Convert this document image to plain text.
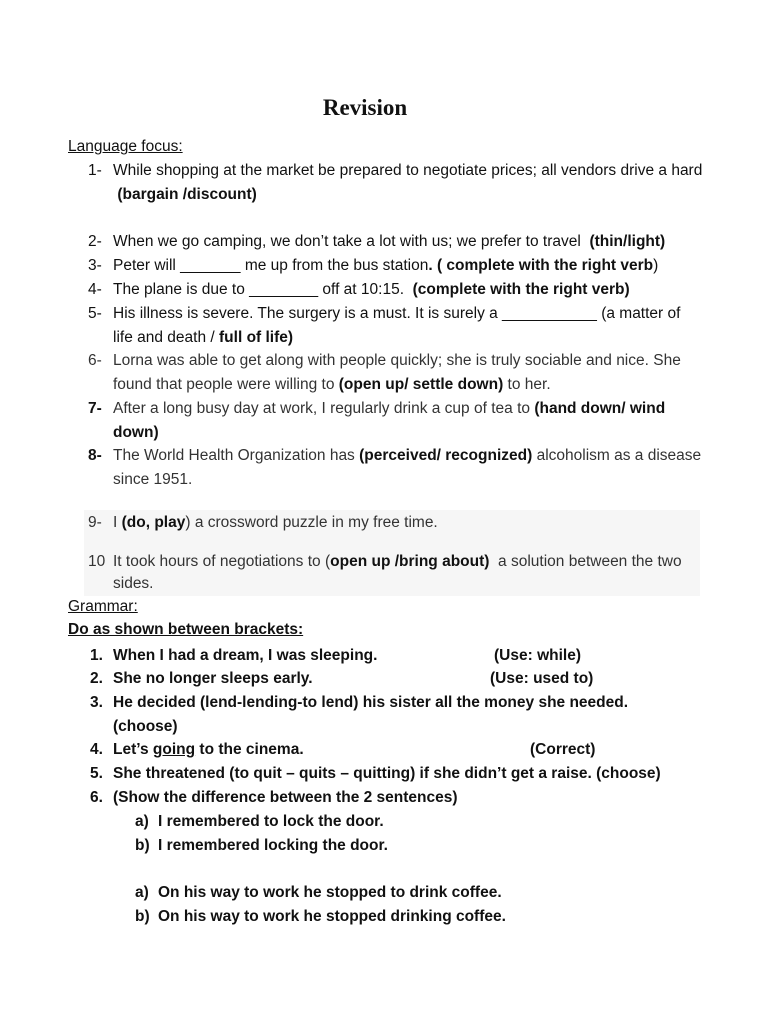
Revision
Language focus:
1- While shopping at the market be prepared to negotiate prices; all vendors drive a hard
(bargain /discount)
2- When we go camping, we don’t take a lot with us; we prefer to travel (thin/light)
3- Peter will _______ me up from the bus station. ( complete with the right verb)
4- The plane is due to ________ off at 10:15. (complete with the right verb)
5- His illness is severe. The surgery is a must. It is surely a ___________ (a matter of life and death / full of life)
6- Lorna was able to get along with people quickly; she is truly sociable and nice. She found that people were willing to (open up/ settle down) to her.
7- After a long busy day at work, I regularly drink a cup of tea to (hand down/ wind down)
8- The World Health Organization has (perceived/ recognized) alcoholism as a disease since 1951.
9- I (do, play) a crossword puzzle in my free time.
10 It took hours of negotiations to (open up /bring about) a solution between the two sides.
Grammar:
Do as shown between brackets:
1. When I had a dream, I was sleeping.	(Use: while)
2. She no longer sleeps early.	(Use: used to)
3. He decided (lend-lending-to lend) his sister all the money she needed. (choose)
4. Let’s going to the cinema.	(Correct)
5. She threatened (to quit – quits – quitting) if she didn’t get a raise. (choose)
6. (Show the difference between the 2 sentences)
a) I remembered to lock the door.
b) I remembered locking the door.
a) On his way to work he stopped to drink coffee.
b) On his way to work he stopped drinking coffee.
